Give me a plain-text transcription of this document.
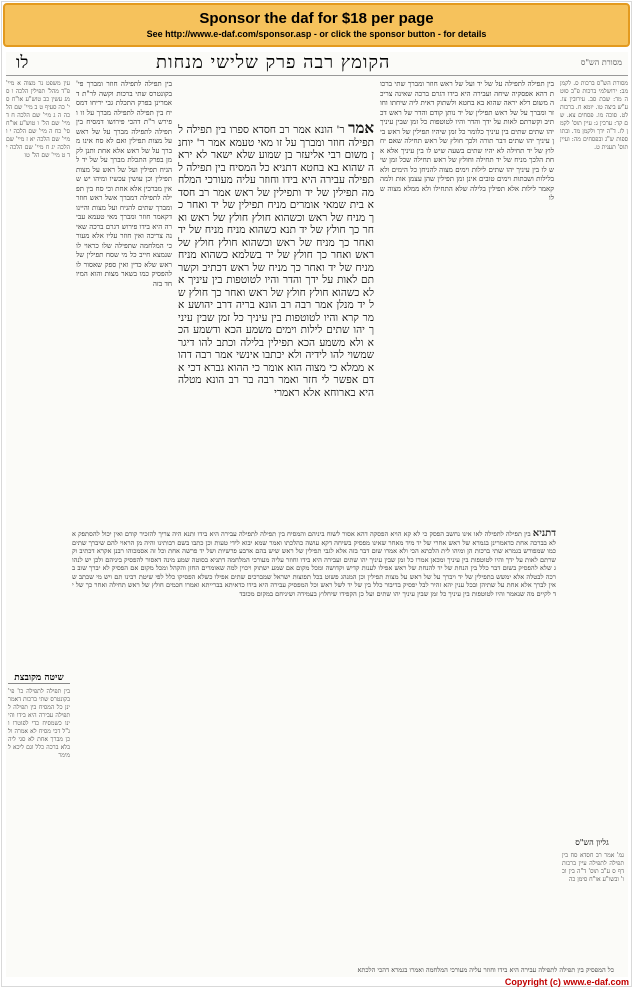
Sponsor the daf for $18 per page
See http://www.e-daf.com/sponsor.asp - or click the sponsor button - for details
מסורת הש"ס
הקומץ רבה פרק שלישי מנחות
לו
מסורת הש"ס ברכות ס. לקמן מב: ירושלמי ברכות פ"ב סוטה מד: שבת סב. עירובין צו. ע"ש ביצה טו. יומא ח. ברכות לט. סוכה מו. פסחים צא. שם קד: ערכין ג: עיין תוס' לקמן לז. ד"ה ידך ולקמן מד. ובתוספות ש"ג ובפסחים מה: ועיין תוס' תענית ט.
גליון הש"ס
גמ' אמר רב חסדא סח בין תפילה לתפילה עיין ברכות דף ס ע"ב תוס' ד"ה בין וכו' ובשו"ע או"ח סימן כה
בין תפילה לתפילה על של יד ועל של ראש חוזר ומברך שתי ברכות דהא אפסקיה שיחה ועבירה היא בידו דגרם ברכה שאינה צריכה משום דלא יראה שהוא בא בחטא ולשתוק דאית ליה שיחתו וחוזר ומברך על של ראש תפילין של יד נותן קודם והדר של ראש דכתיב וקשרתם לאות על ידך והדר והיו לטוטפות כל זמן שבין עיניך יהו שתים שתים בין עיניך כלומר כל זמן שיהיו תפילין של ראש בין עיניך יהו שתים דבר תורה ולכך חולץ של ראש תחילה שאם יחלוץ של יד תחילה לא יהיו שתים בשעה שיש לו בין עיניך אלא אחת הלכך מניח של יד תחילה וחולץ של ראש תחילה שכל זמן שיש לו בין עיניך יהו שתים לילות וימים מצוה להניחן כל הימים ולא בלילות ושבתות וימים טובים אינן זמן תפילין שהן עצמן אות ולמה קאמר לילות אלא תפילין בלילה שלא התחילו ולא ממלא מצוה שלו
אמר ר' הונא אמר רב חסדא ספרו בין תפילה לתפילה חוזר ומברך על זו מאי טעמא אמר ר' יוחנן משום רבי אליעזר בן שמוע שלא ישאר לא יראה שהוא בא בחטא דתניא כל המסיח בין תפילה לתפילה עבירה היא בידו וחוזר עליה מעורכי המלחמה תפילין של יד ותפילין של ראש אמר רב חסדא בית שמאי אומרים מניח תפילין של יד ואחר כך מניח של ראש וכשהוא חולץ חולץ של ראש ואחר כך חולץ של יד תנא כשהוא מניח מניח של יד ואחר כך מניח של ראש וכשהוא חולץ חולץ של ראש ואחר כך חולץ של יד בשלמא כשהוא מניח מניח של יד ואחר כך מניח של ראש דכתיב וקשרתם לאות על ידך והדר והיו לטוטפות בין עיניך אלא כשהוא חולץ חולץ של ראש ואחר כך חולץ של יד מנלן אמר רבה רב הונא בריה דרב יהושע אמר קרא והיו לטוטפות בין עיניך כל זמן שבין עיניך יהו שתים לילות וימים משמע הכא ודשמע הכא ולא משמע הכא תפילין בלילה וכתב להו דיגר שמשוי להו לידיה ולא יכתבו אינשי אמר רבה דהוא ממלא כי מצוה הוא אומר כי ההוא גברא דכי אדם אפשר לי חזר ואמר רבה בר רב הונא מטלה היא בארוחא אלא ראמרי
בין תפילה לתפילה חוזר ומברך פי' בקונטרס שתי ברכות וקשה לר"ת דאמרינן בפרק התכלת גבי יריחו דמסיח בין תפילה לתפילה מברך על זו ופירש ר"ת דהכי פירושו דמסיח בין תפילה לתפילה מברך על של ראש על מצות תפילין ואם לא סח אינו מברך על של ראש אלא אחת ותנן לקמן בפרק התכלת מברך על של יד להניח תפילין ועל של ראש על מצות תפילין וכן עושין עכשיו ומיהו יש שאין מברכין אלא אחת וכי סח בין תפילה לתפילה דמברך אשל ראש חוזר ומברך שתים להניח ועל מצות והיינו דקאמר חוזר ומברך מאי טעמא עבירה היא בידו פירוש דגרם ברכה שאינה צריכה ואין חוזר עליו אלא מעורכי המלחמה שתפילה שלו כראוי לו שנמצא חייב כל מי שסח תפילין של ראש שלא כדין ואין ספק שאסור לו להפסיק כמו בשאר מצות והוא המיוחד בזה
דתניא בין תפילה לתפילה לאו אינו נחשב הפסק כי לא קא הויא הפסקה דהא אסור לשוח ביניהם והמסיח בין תפילה לתפילה עבירה היא בידו ותנא היה צריך להזכיר קודם ואין יכול להסתפק אלא בברכה אחת כדאמרינן בגמרא של ראש אחרי של יד מיד מאחר שאינו מפסיק בשיחה דקא עושה כהלכתו ואמר שמא יבוא לידי טעות וכן כתבו בשם רבותינו והיה מן הראוי להם שיברך שתים כמו שמפורש בגמרא שתי ברכות הן ומיהו לית הלכתא הכי ולא אמרו שום דבר בזה אלא לגבי תפילין של ראש שיש בהם ארבע פרשיות ושל יד פרשה אחת וכל זה אסמכוהו רבנן אקרא דכתיב וקשרתם לאות על ידך והיו לטוטפות בין עיניך ומכאן אמרו כל זמן שבין עיניך יהו שתים ועבירה היא בידו וחוזר עליה מעורכי המלחמה דתניא בסוטה שמע מינה דאסור להפסיק ביניהם ולכן יש לנהוג שלא להפסיק בשום דבר כלל בין הנחת של יד להנחת של ראש אפילו לענות קדיש וקדושה ומכל מקום אם שמע ישתוק ויכוין למה שאומרים החזן והקהל ומכל מקום אם הפסיק לא יברך שוב ברכה לבטלה אלא ימשש בתפילין של יד ויברך על של ראש על מצות תפילין וכן המנהג פשוט בכל תפוצות ישראל שמברכים שתים אפילו כשלא הפסיקו כלל לפי שיטת רבינו תם ויש מי שכתב שאין לברך אלא אחת על שתיהן ובכל ענין יהא זהיר לבל יפסיק בדיבור כלל בין של יד לשל ראש וכל המפסיק עבירה היא בידו כדאיתא בברייתא ואמרו חכמים חולץ של ראש תחילה ואחר כך של יד לקיים מה שנאמר והיו לטוטפות בין עיניך כל זמן שבין עיניך יהו שתים ועל כן הקפידו שיחלוץ בעמידה ושיניחם במקום מכובד
עין משפט נר מצוה א מיי' פ"ד מהל' תפילין הלכה ו סמג עשין כב טוש"ע או"ח סי' כה סעיף ט ב מיי' שם הלכה ה ג מיי' שם הלכה ח ד מיי' שם הל' ו טוש"ע או"ח סי' כח ה מיי' שם הלכה י ו מיי' שם הלכה יא ז מיי' שם הלכה יג ח מיי' שם הלכה יד ט מיי' שם הל' טו
שיטה מקובצת
בין תפילה לתפילה כו' פי' בקונטרס שתי ברכות דאמרינן כל המסיח בין תפילה לתפילה עבירה היא בידו והיינו כשמסיח כדי לפוטרו ונ"ל דכי מסיח לא אמרה ולכן מברך אחת לא סגי ליה בלא ברכה כלל וגם ליכא למימר
כל המפסיק בין תפילה לתפילה עבירה היא בידו וחוזר עליה מעורכי המלחמה ואמרו בגמרא דהכי הלכתא
Copyright (c) www.e-daf.com
